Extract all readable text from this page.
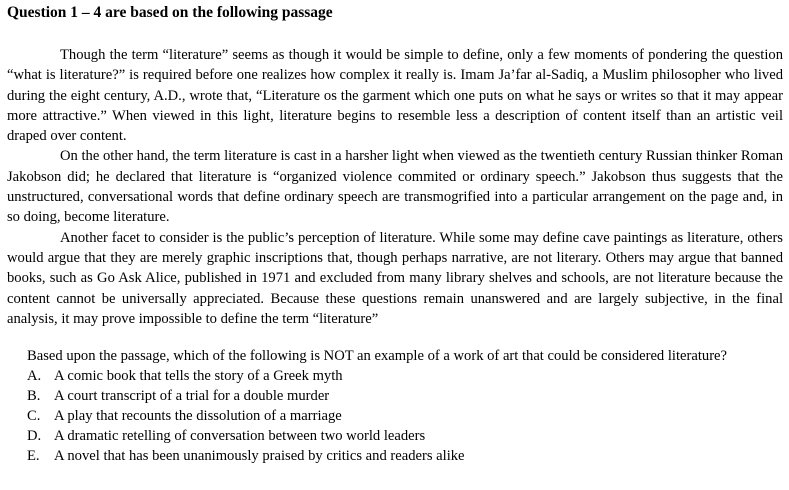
Question 1 – 4 are based on the following passage

Though the term “literature” seems as though it would be simple to define, only a few moments of pondering the question “what is literature?” is required before one realizes how complex it really is. Imam Ja’far al-Sadiq, a Muslim philosopher who lived during the eight century, A.D., wrote that, “Literature os the garment which one puts on what he says or writes so that it may appear more attractive.” When viewed in this light, literature begins to resemble less a description of content itself than an artistic veil draped over content.

On the other hand, the term literature is cast in a harsher light when viewed as the twentieth century Russian thinker Roman Jakobson did; he declared that literature is “organized violence commited or ordinary speech.” Jakobson thus suggests that the unstructured, conversational words that define ordinary speech are transmogrified into a particular arrangement on the page and, in so doing, become literature.

Another facet to consider is the public’s perception of literature. While some may define cave paintings as literature, others would argue that they are merely graphic inscriptions that, though perhaps narrative, are not literary. Others may argue that banned books, such as Go Ask Alice, published in 1971 and excluded from many library shelves and schools, are not literature because the content cannot be universally appreciated. Because these questions remain unanswered and are largely subjective, in the final analysis, it may prove impossible to define the term “literature”

Based upon the passage, which of the following is NOT an example of a work of art that could be considered literature?

A. A comic book that tells the story of a Greek myth
B. A court transcript of a trial for a double murder
C. A play that recounts the dissolution of a marriage
D. A dramatic retelling of conversation between two world leaders
E. A novel that has been unanimously praised by critics and readers alike
